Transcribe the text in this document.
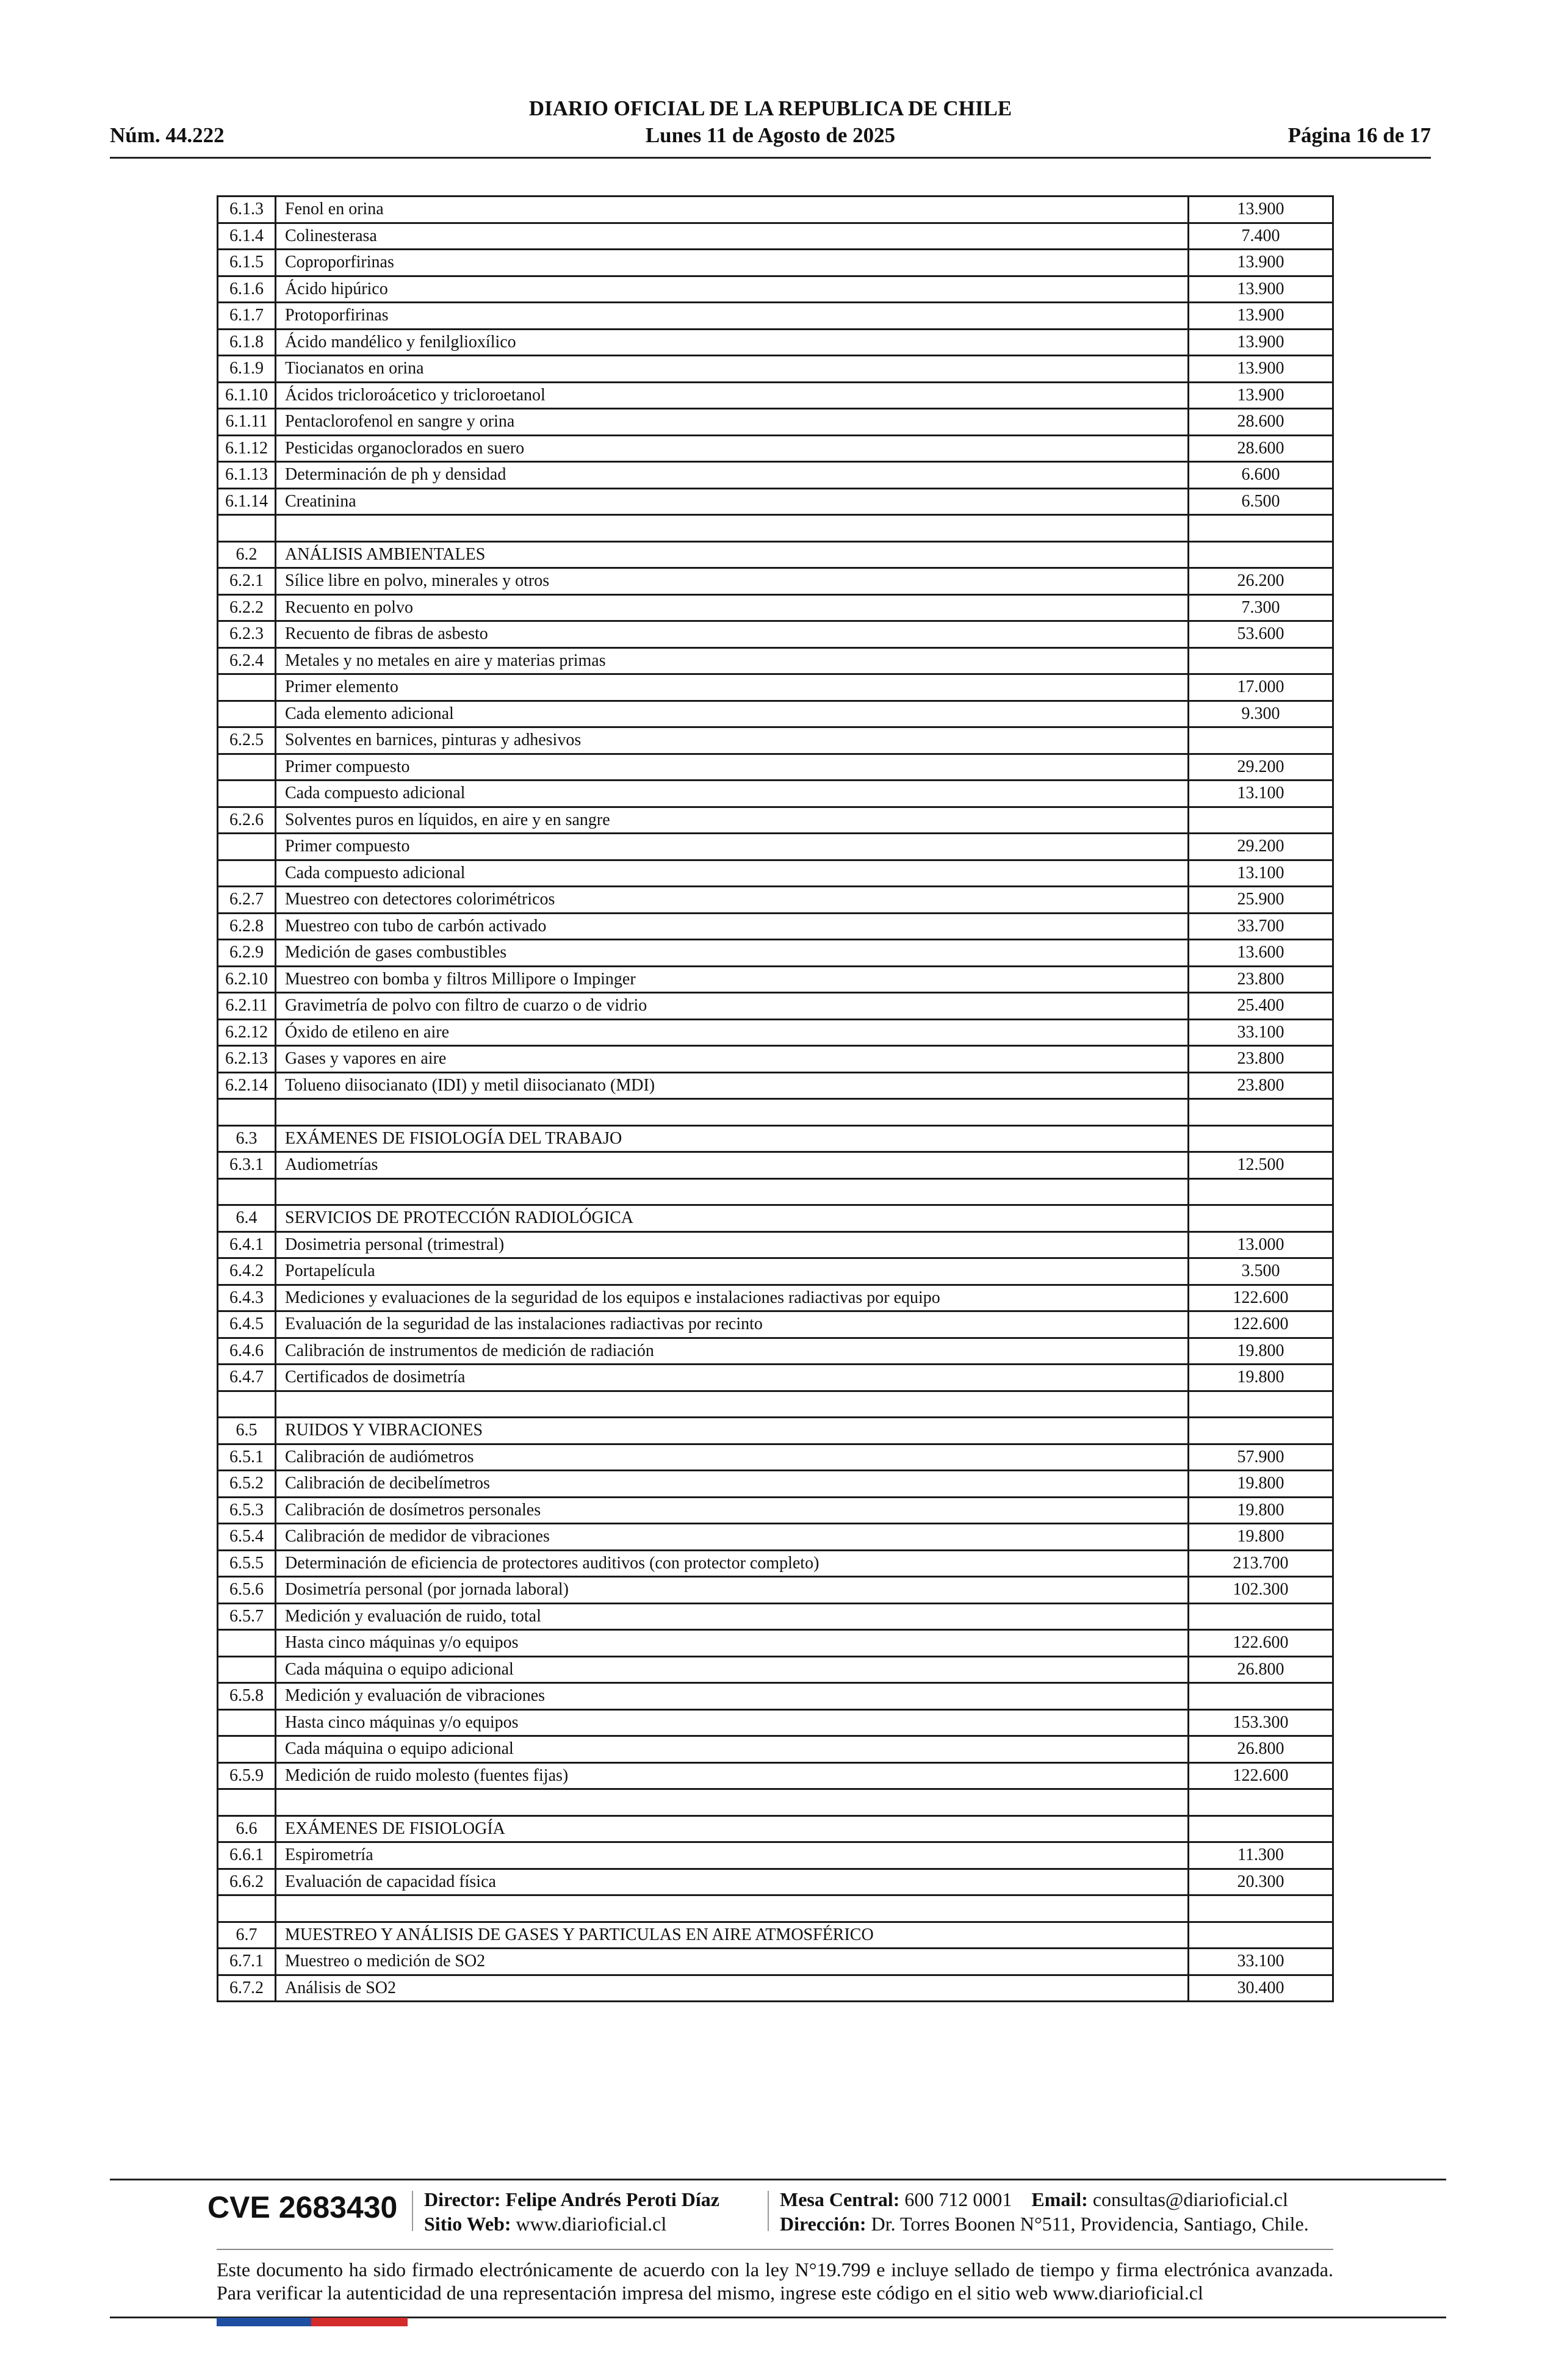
DIARIO OFICIAL DE LA REPUBLICA DE CHILE
Núm. 44.222	Lunes 11 de Agosto de 2025	Página 16 de 17
6.1.3	Fenol en orina	13.900
6.1.4	Colinesterasa	7.400
6.1.5	Coproporfirinas	13.900
6.1.6	Ácido hipúrico	13.900
6.1.7	Protoporfirinas	13.900
6.1.8	Ácido mandélico y fenilglioxílico	13.900
6.1.9	Tiocianatos en orina	13.900
6.1.10	Ácidos tricloroácetico y tricloroetanol	13.900
6.1.11	Pentaclorofenol en sangre y orina	28.600
6.1.12	Pesticidas organoclorados en suero	28.600
6.1.13	Determinación de ph y densidad	6.600
6.1.14	Creatinina	6.500

6.2	ANÁLISIS AMBIENTALES	
6.2.1	Sílice libre en polvo, minerales y otros	26.200
6.2.2	Recuento en polvo	7.300
6.2.3	Recuento de fibras de asbesto	53.600
6.2.4	Metales y no metales en aire y materias primas	
	Primer elemento	17.000
	Cada elemento adicional	9.300
6.2.5	Solventes en barnices, pinturas y adhesivos	
	Primer compuesto	29.200
	Cada compuesto adicional	13.100
6.2.6	Solventes puros en líquidos, en aire y en sangre	
	Primer compuesto	29.200
	Cada compuesto adicional	13.100
6.2.7	Muestreo con detectores colorimétricos	25.900
6.2.8	Muestreo con tubo de carbón activado	33.700
6.2.9	Medición de gases combustibles	13.600
6.2.10	Muestreo con bomba y filtros Millipore o Impinger	23.800
6.2.11	Gravimetría de polvo con filtro de cuarzo o de vidrio	25.400
6.2.12	Óxido de etileno en aire	33.100
6.2.13	Gases y vapores en aire	23.800
6.2.14	Tolueno diisocianato (IDI) y metil diisocianato (MDI)	23.800

6.3	EXÁMENES DE FISIOLOGÍA DEL TRABAJO	
6.3.1	Audiometrías	12.500

6.4	SERVICIOS DE PROTECCIÓN RADIOLÓGICA	
6.4.1	Dosimetria personal (trimestral)	13.000
6.4.2	Portapelícula	3.500
6.4.3	Mediciones y evaluaciones de la seguridad de los equipos e instalaciones radiactivas por equipo	122.600
6.4.5	Evaluación de la seguridad de las instalaciones radiactivas por recinto	122.600
6.4.6	Calibración de instrumentos de medición de radiación	19.800
6.4.7	Certificados de dosimetría	19.800

6.5	RUIDOS Y VIBRACIONES	
6.5.1	Calibración de audiómetros	57.900
6.5.2	Calibración de decibelímetros	19.800
6.5.3	Calibración de dosímetros personales	19.800
6.5.4	Calibración de medidor de vibraciones	19.800
6.5.5	Determinación de eficiencia de protectores auditivos (con protector completo)	213.700
6.5.6	Dosimetría personal (por jornada laboral)	102.300
6.5.7	Medición y evaluación de ruido, total	
	Hasta cinco máquinas y/o equipos	122.600
	Cada máquina o equipo adicional	26.800
6.5.8	Medición y evaluación de vibraciones	
	Hasta cinco máquinas y/o equipos	153.300
	Cada máquina o equipo adicional	26.800
6.5.9	Medición de ruido molesto (fuentes fijas)	122.600

6.6	EXÁMENES DE FISIOLOGÍA	
6.6.1	Espirometría	11.300
6.6.2	Evaluación de capacidad física	20.300

6.7	MUESTREO Y ANÁLISIS DE GASES Y PARTICULAS EN AIRE ATMOSFÉRICO	
6.7.1	Muestreo o medición de SO2	33.100
6.7.2	Análisis de SO2	30.400
CVE 2683430 Director: Felipe Andrés Peroti Díaz
Sitio Web: www.diarioficial.cl
Mesa Central: 600 712 0001 Email: consultas@diarioficial.cl
Dirección: Dr. Torres Boonen N°511, Providencia, Santiago, Chile.
Este documento ha sido firmado electrónicamente de acuerdo con la ley N°19.799 e incluye sellado de tiempo y firma electrónica avanzada. Para verificar la autenticidad de una representación impresa del mismo, ingrese este código en el sitio web www.diarioficial.cl
